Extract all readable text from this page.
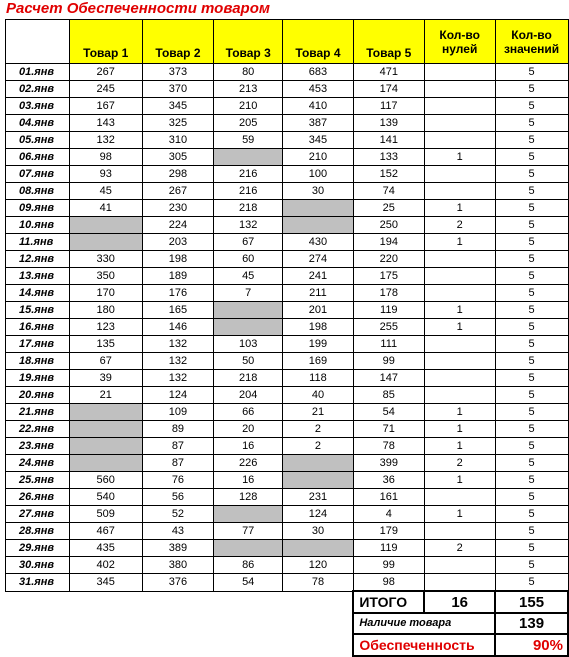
Расчет Обеспеченности товаром
	Товар 1	Товар 2	Товар 3	Товар 4	Товар 5	Кол-во нулей	Кол-во значений
01.янв	267	373	80	683	471		5
02.янв	245	370	213	453	174		5
03.янв	167	345	210	410	117		5
04.янв	143	325	205	387	139		5
05.янв	132	310	59	345	141		5
06.янв	98	305		210	133	1	5
07.янв	93	298	216	100	152		5
08.янв	45	267	216	30	74		5
09.янв	41	230	218		25	1	5
10.янв		224	132		250	2	5
11.янв		203	67	430	194	1	5
12.янв	330	198	60	274	220		5
13.янв	350	189	45	241	175		5
14.янв	170	176	7	211	178		5
15.янв	180	165		201	119	1	5
16.янв	123	146		198	255	1	5
17.янв	135	132	103	199	111		5
18.янв	67	132	50	169	99		5
19.янв	39	132	218	118	147		5
20.янв	21	124	204	40	85		5
21.янв		109	66	21	54	1	5
22.янв		89	20	2	71	1	5
23.янв		87	16	2	78	1	5
24.янв		87	226		399	2	5
25.янв	560	76	16		36	1	5
26.янв	540	56	128	231	161		5
27.янв	509	52		124	4	1	5
28.янв	467	43	77	30	179		5
29.янв	435	389			119	2	5
30.янв	402	380	86	120	99		5
31.янв	345	376	54	78	98		5
					ИТОГО	16	155
					Наличие товара		139
					Обеспеченность		90%
